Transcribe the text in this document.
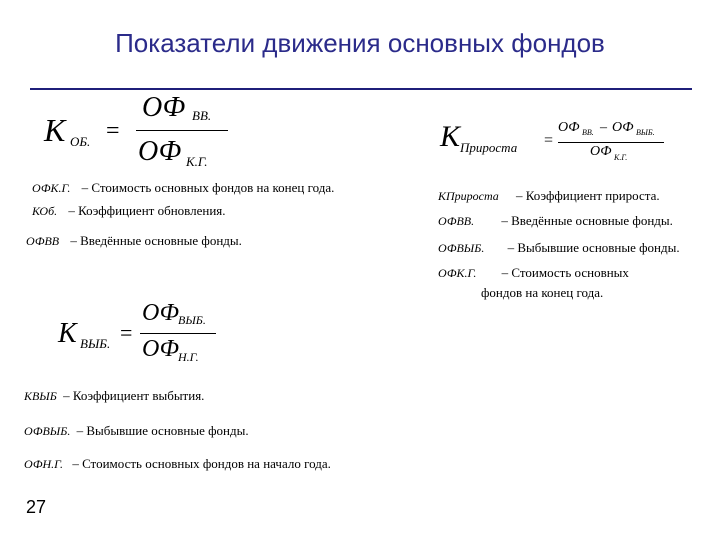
Показатели движения основных фондов
K ОБ. =
ОФ ВВ.
ОФ К.Г.
ОФК.Г. – Стоимость основных фондов на конец года.
КОб. – Коэффициент обновления.
ОФВВ – Введённые основные фонды.
K Прироста =
ОФ ВВ. – ОФ ВЫБ.
ОФ К.Г.
КПрироста – Коэффициент прироста.
ОФВВ. – Введённые основные фонды.
ОФВЫБ. – Выбывшие основные фонды.
ОФК.Г. – Стоимость основных
фондов на конец года.
K ВЫБ. =
ОФ ВЫБ.
ОФ Н.Г.
КВЫБ – Коэффициент выбытия.
ОФВЫБ. – Выбывшие основные фонды.
ОФН.Г. – Стоимость основных фондов на начало года.
27
